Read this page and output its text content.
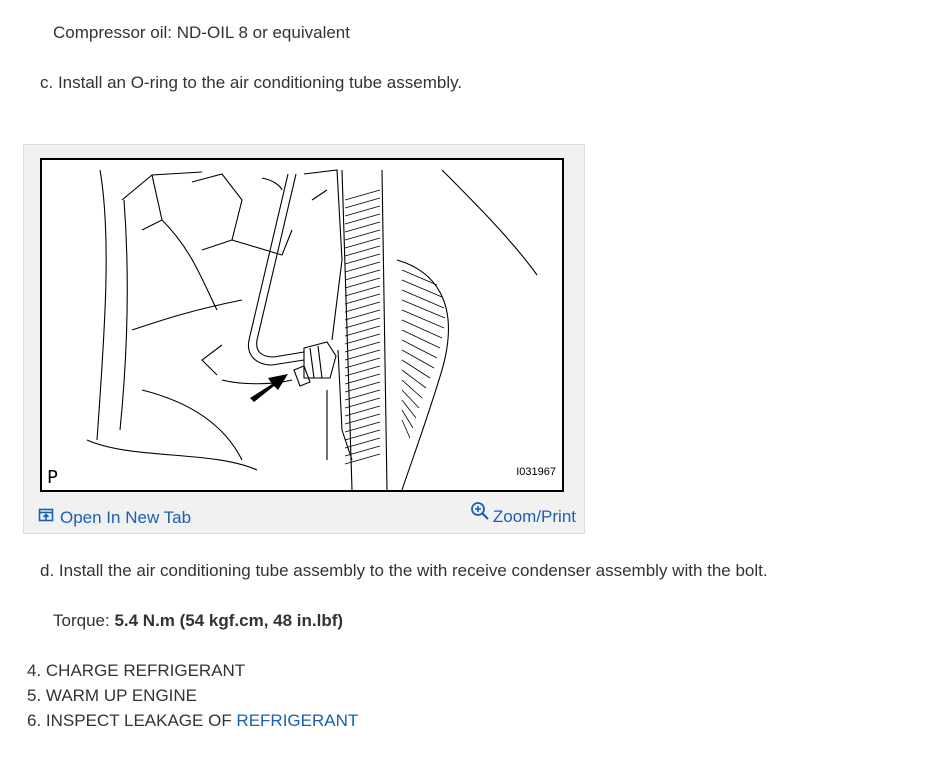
Compressor oil: ND-OIL 8 or equivalent
c. Install an O-ring to the air conditioning tube assembly.
P	I031967
Open In New Tab	Zoom/Print
d. Install the air conditioning tube assembly to the with receive condenser assembly with the bolt.
Torque: 5.4 N.m (54 kgf.cm, 48 in.lbf)
4. CHARGE REFRIGERANT
5. WARM UP ENGINE
6. INSPECT LEAKAGE OF REFRIGERANT
